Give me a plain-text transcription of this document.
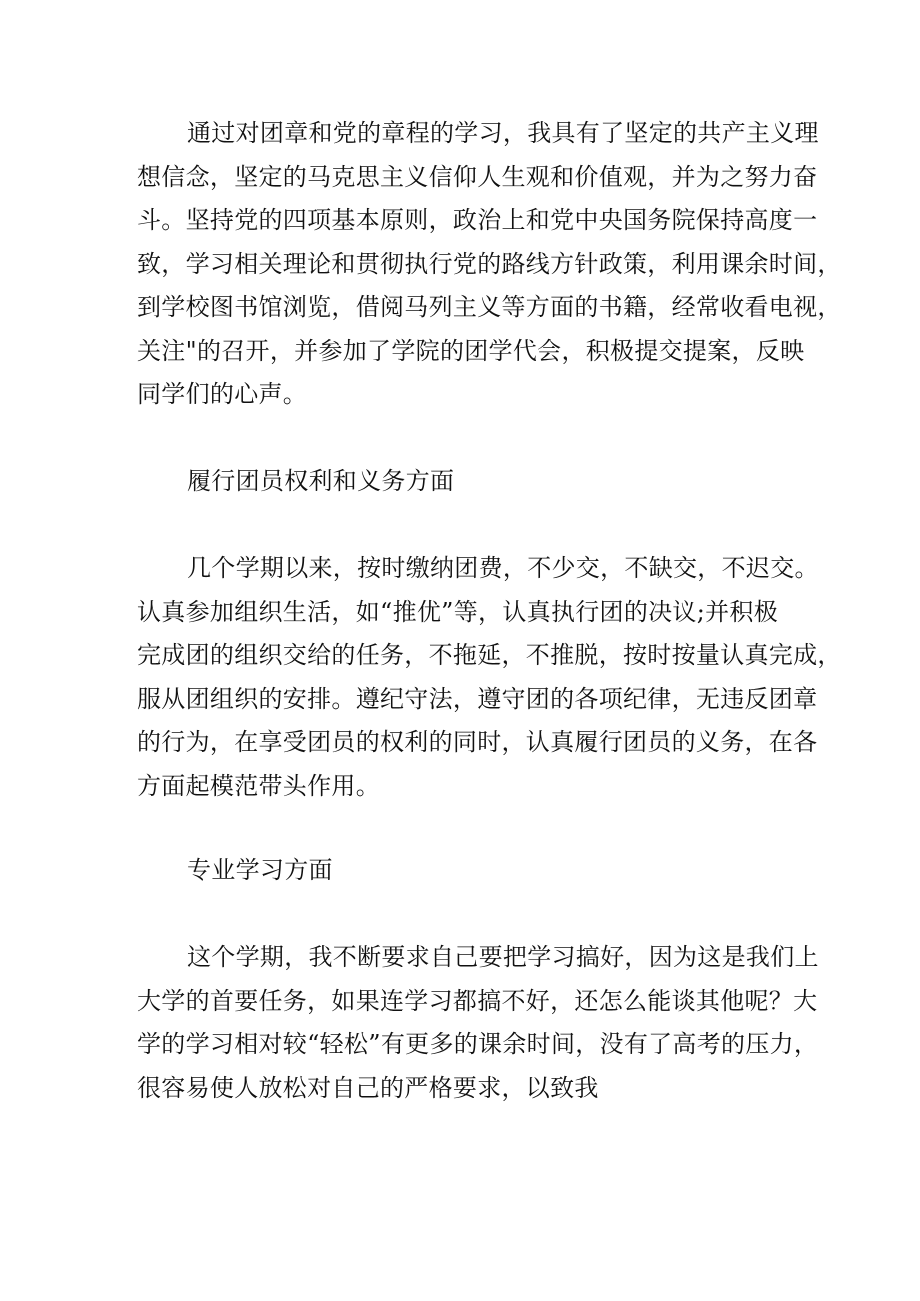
通过对团章和党的章程的学习，我具有了坚定的共产主义理
想信念，坚定的马克思主义信仰人生观和价值观，并为之努力奋
斗。坚持党的四项基本原则，政治上和党中央国务院保持高度一
致，学习相关理论和贯彻执行党的路线方针政策，利用课余时间，
到学校图书馆浏览，借阅马列主义等方面的书籍，经常收看电视，
关注"的召开，并参加了学院的团学代会，积极提交提案，反映
同学们的心声。
履行团员权利和义务方面
几个学期以来，按时缴纳团费，不少交，不缺交，不迟交。
认真参加组织生活，如“推优”等，认真执行团的决议;并积极
完成团的组织交给的任务，不拖延，不推脱，按时按量认真完成，
服从团组织的安排。遵纪守法，遵守团的各项纪律，无违反团章
的行为，在享受团员的权利的同时，认真履行团员的义务，在各
方面起模范带头作用。
专业学习方面
这个学期，我不断要求自己要把学习搞好，因为这是我们上
大学的首要任务，如果连学习都搞不好，还怎么能谈其他呢？大
学的学习相对较“轻松”有更多的课余时间，没有了高考的压力，
很容易使人放松对自己的严格要求，以致我
